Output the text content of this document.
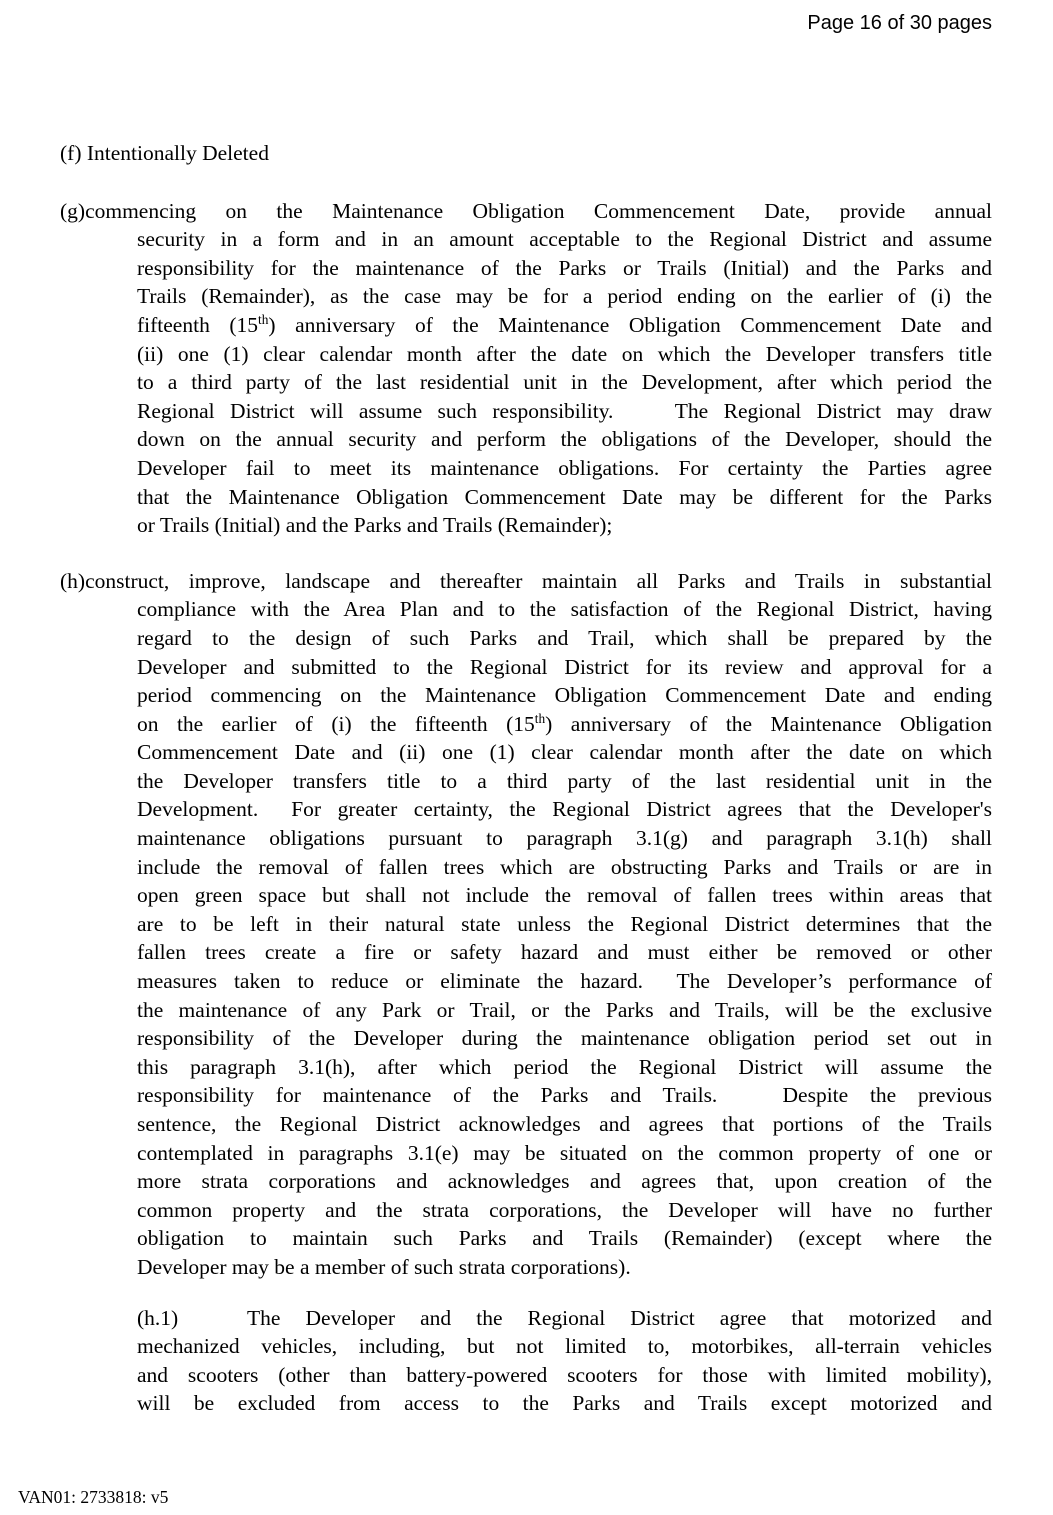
Page 16 of 30 pages
(f) Intentionally Deleted
(g)commencing on the Maintenance Obligation Commencement Date, provide annual
security in a form and in an amount acceptable to the Regional District and assume
responsibility for the maintenance of the Parks or Trails (Initial) and the Parks and
Trails (Remainder), as the case may be for a period ending on the earlier of (i) the
fifteenth (15th) anniversary of the Maintenance Obligation Commencement Date and
(ii) one (1) clear calendar month after the date on which the Developer transfers title
to a third party of the last residential unit in the Development, after which period the
Regional District will assume such responsibility.    The Regional District may draw
down on the annual security and perform the obligations of the Developer, should the
Developer fail to meet its maintenance obligations. For certainty the Parties agree
that the Maintenance Obligation Commencement Date may be different for the Parks
or Trails (Initial) and the Parks and Trails (Remainder);
(h)construct, improve, landscape and thereafter maintain all Parks and Trails in substantial
compliance with the Area Plan and to the satisfaction of the Regional District, having
regard to the design of such Parks and Trail, which shall be prepared by the
Developer and submitted to the Regional District for its review and approval for a
period commencing on the Maintenance Obligation Commencement Date and ending
on the earlier of (i) the fifteenth (15th) anniversary of the Maintenance Obligation
Commencement Date and (ii) one (1) clear calendar month after the date on which
the Developer transfers title to a third party of the last residential unit in the
Development.  For greater certainty, the Regional District agrees that the Developer's
maintenance obligations pursuant to paragraph 3.1(g) and paragraph 3.1(h) shall
include the removal of fallen trees which are obstructing Parks and Trails or are in
open green space but shall not include the removal of fallen trees within areas that
are to be left in their natural state unless the Regional District determines that the
fallen trees create a fire or safety hazard and must either be removed or other
measures taken to reduce or eliminate the hazard.  The Developer’s performance of
the maintenance of any Park or Trail, or the Parks and Trails, will be the exclusive
responsibility of the Developer during the maintenance obligation period set out in
this paragraph 3.1(h), after which period the Regional District will assume the
responsibility for maintenance of the Parks and Trails.   Despite the previous
sentence, the Regional District acknowledges and agrees that portions of the Trails
contemplated in paragraphs 3.1(e) may be situated on the common property of one or
more strata corporations and acknowledges and agrees that, upon creation of the
common property and the strata corporations, the Developer will have no further
obligation to maintain such Parks and Trails (Remainder) (except where the
Developer may be a member of such strata corporations).
(h.1)	The Developer and the Regional District agree that motorized and
mechanized vehicles, including, but not limited to, motorbikes, all-terrain vehicles
and scooters (other than battery-powered scooters for those with limited mobility),
will be excluded from access to the Parks and Trails except motorized and
VAN01: 2733818: v5
